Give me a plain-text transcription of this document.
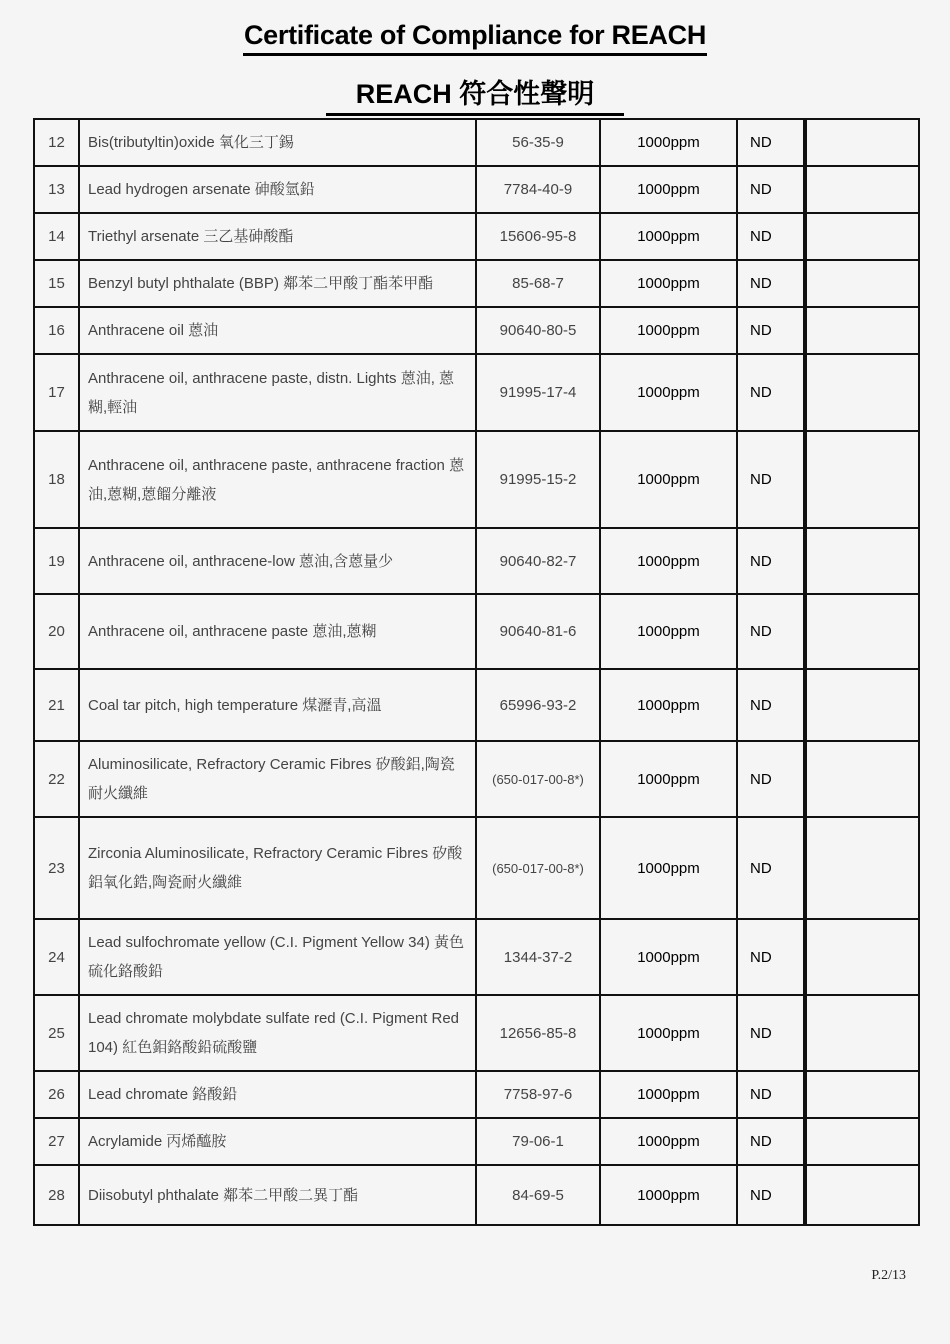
Certificate of Compliance for REACH
REACH 符合性聲明
12	Bis(tributyltin)oxide 氧化三丁錫	56-35-9	1000ppm	ND	
13	Lead hydrogen arsenate 砷酸氫鉛	7784-40-9	1000ppm	ND	
14	Triethyl arsenate 三乙基砷酸酯	15606-95-8	1000ppm	ND	
15	Benzyl butyl phthalate (BBP) 鄰苯二甲酸丁酯苯甲酯	85-68-7	1000ppm	ND	
16	Anthracene oil 蒽油	90640-80-5	1000ppm	ND	
17	Anthracene oil, anthracene paste, distn. Lights 蒽油, 蒽糊,輕油	91995-17-4	1000ppm	ND	
18	Anthracene oil, anthracene paste, anthracene fraction 蒽油,蒽糊,蒽餾分離液	91995-15-2	1000ppm	ND	
19	Anthracene oil, anthracene-low 蒽油,含蒽量少	90640-82-7	1000ppm	ND	
20	Anthracene oil, anthracene paste 蒽油,蒽糊	90640-81-6	1000ppm	ND	
21	Coal tar pitch, high temperature 煤瀝青,高溫	65996-93-2	1000ppm	ND	
22	Aluminosilicate, Refractory Ceramic Fibres 矽酸鋁,陶瓷耐火纖維	(650-017-00-8*)	1000ppm	ND	
23	Zirconia Aluminosilicate, Refractory Ceramic Fibres 矽酸鋁氧化鋯,陶瓷耐火纖維	(650-017-00-8*)	1000ppm	ND	
24	Lead sulfochromate yellow (C.I. Pigment Yellow 34) 黃色硫化鉻酸鉛	1344-37-2	1000ppm	ND	
25	Lead chromate molybdate sulfate red (C.I. Pigment Red 104) 紅色鉬鉻酸鉛硫酸鹽	12656-85-8	1000ppm	ND	
26	Lead chromate 鉻酸鉛	7758-97-6	1000ppm	ND	
27	Acrylamide 丙烯醯胺	79-06-1	1000ppm	ND	
28	Diisobutyl phthalate 鄰苯二甲酸二異丁酯	84-69-5	1000ppm	ND	
P.2/13
